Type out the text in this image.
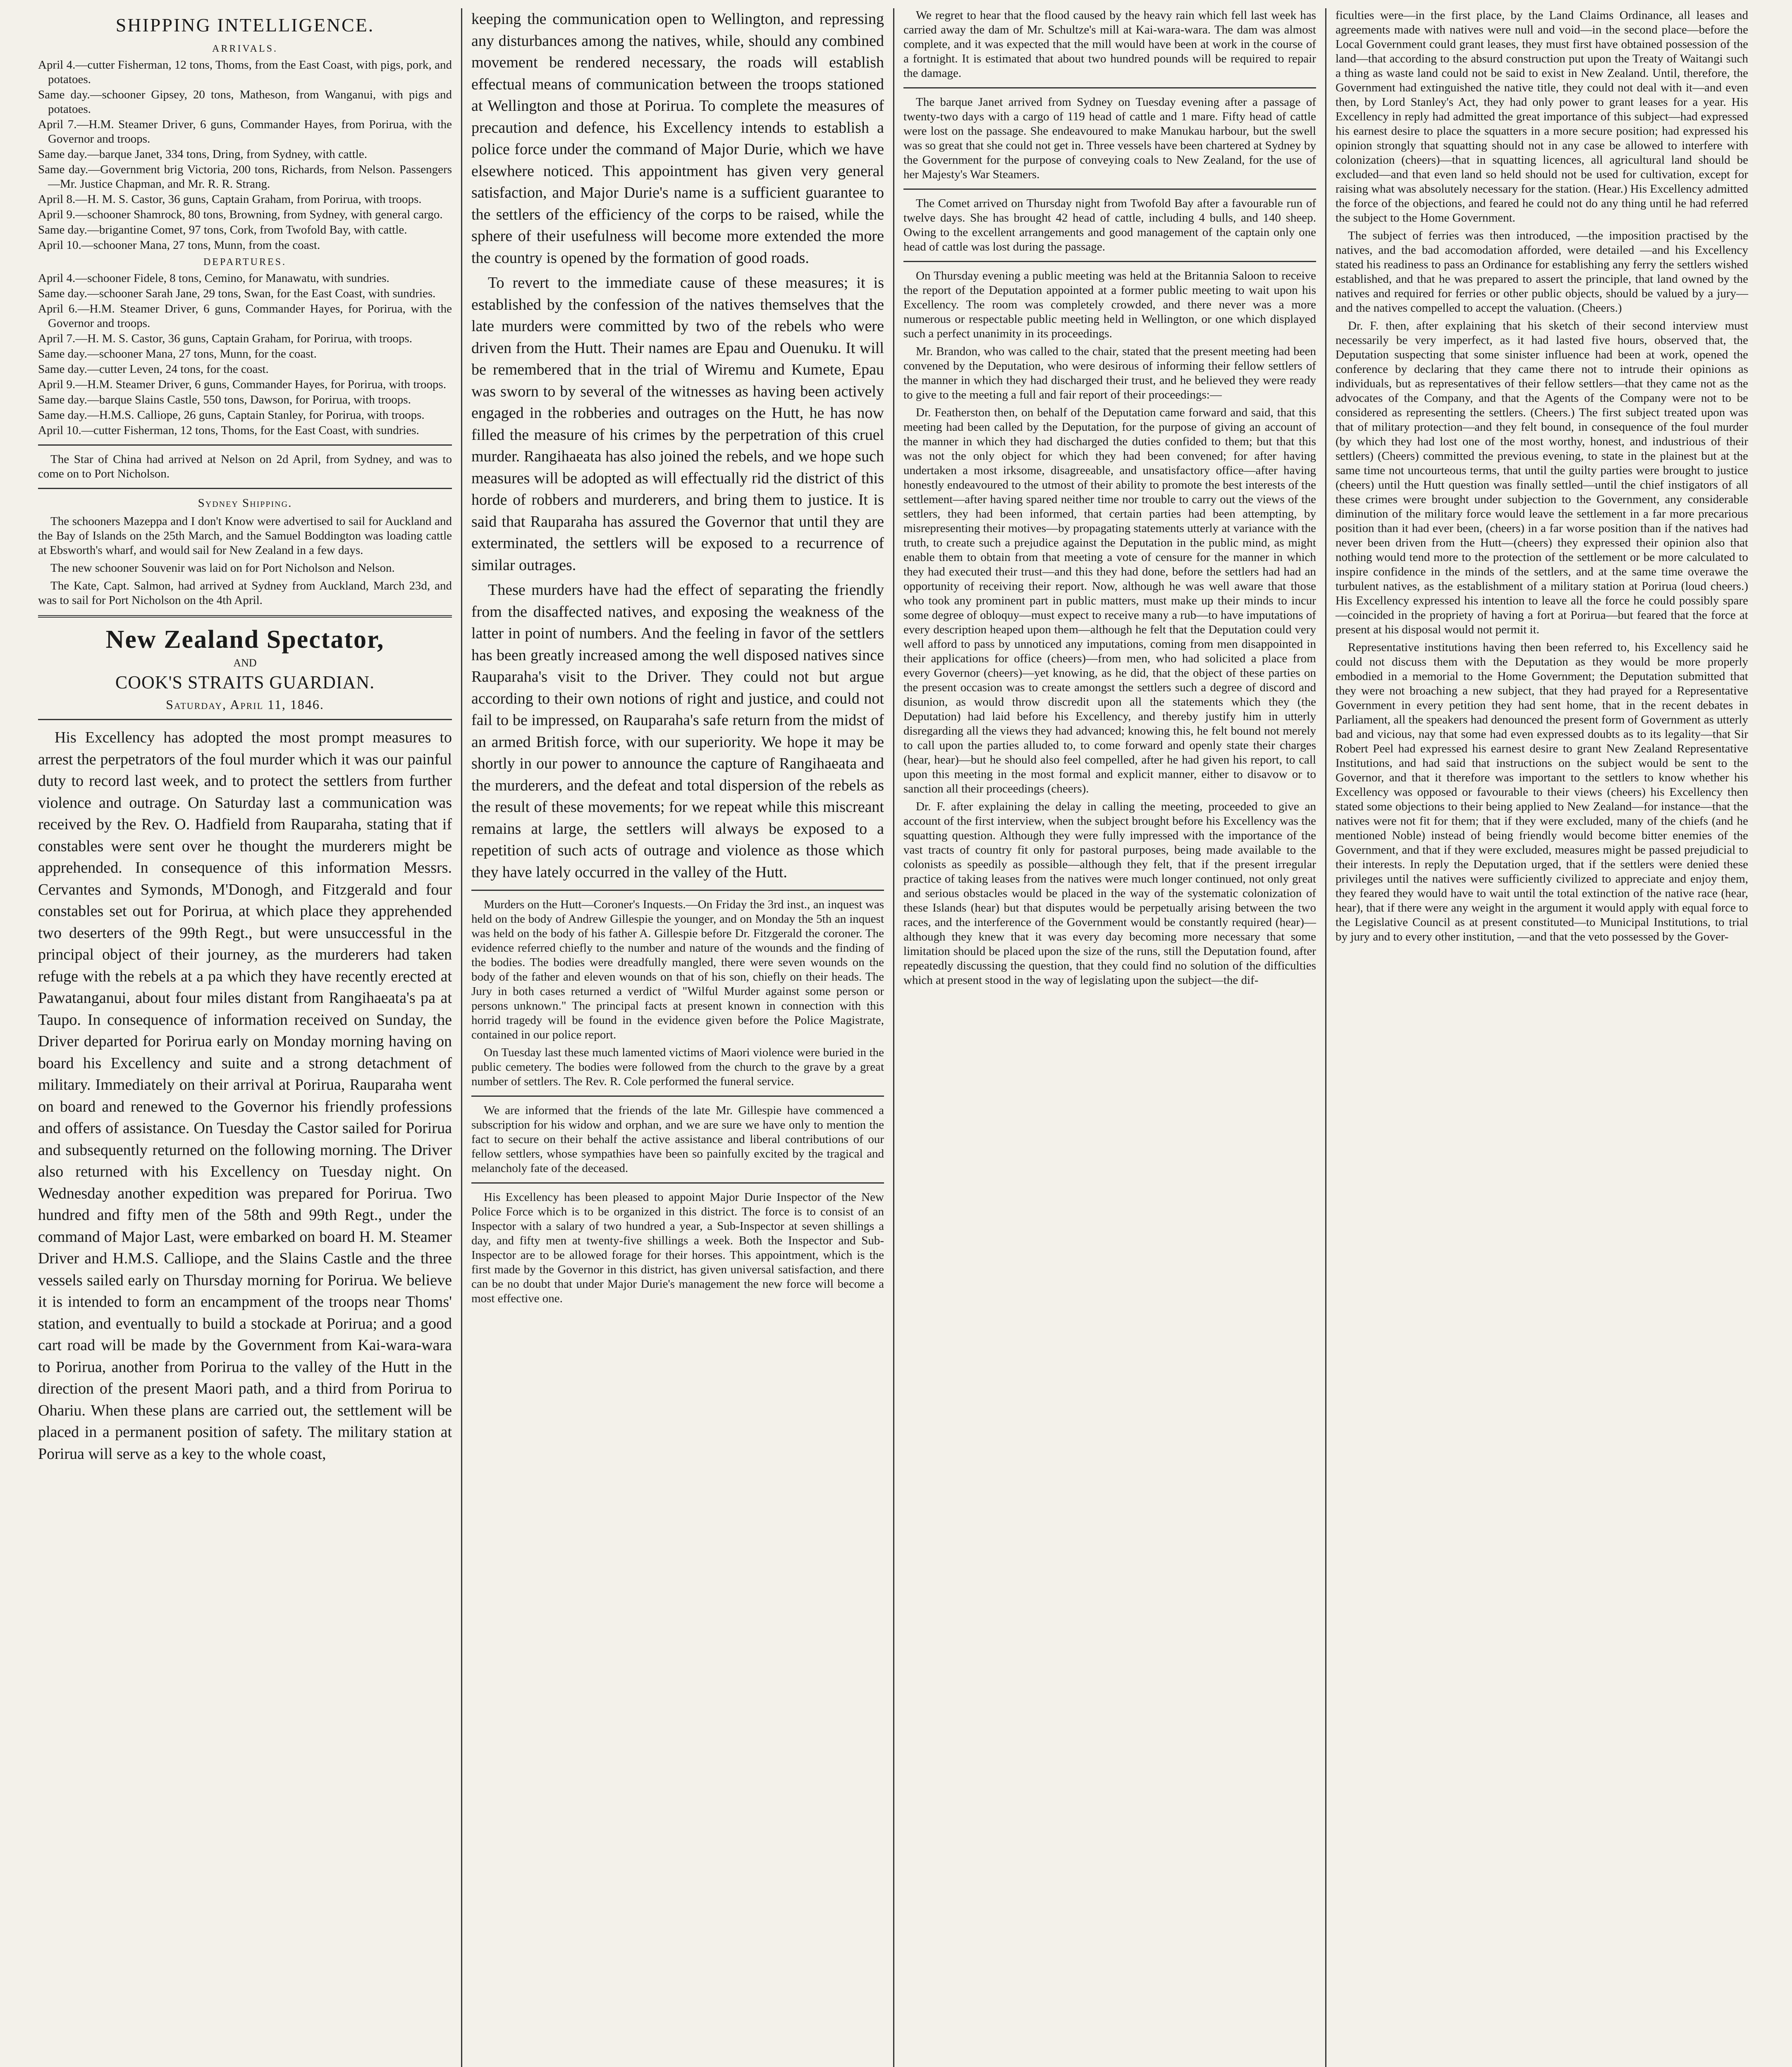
SHIPPING INTELLIGENCE.
ARRIVALS.

April 4.—cutter Fisherman, 12 tons, Thoms, from the East Coast, with pigs, pork, and potatoes.

Same day.—schooner Gipsey, 20 tons, Matheson, from Wanganui, with pigs and potatoes.

April 7.—H.M. Steamer Driver, 6 guns, Commander Hayes, from Porirua, with the Governor and troops.

Same day.—barque Janet, 334 tons, Dring, from Sydney, with cattle.

Same day.—Government brig Victoria, 200 tons, Richards, from Nelson. Passengers—Mr. Justice Chapman, and Mr. R. R. Strang.

April 8.—H. M. S. Castor, 36 guns, Captain Graham, from Porirua, with troops.

April 9.—schooner Shamrock, 80 tons, Browning, from Sydney, with general cargo.

Same day.—brigantine Comet, 97 tons, Cork, from Twofold Bay, with cattle.

April 10.—schooner Mana, 27 tons, Munn, from the coast.

DEPARTURES.

April 4.—schooner Fidele, 8 tons, Cemino, for Manawatu, with sundries.

Same day.—schooner Sarah Jane, 29 tons, Swan, for the East Coast, with sundries.

April 6.—H.M. Steamer Driver, 6 guns, Commander Hayes, for Porirua, with the Governor and troops.

April 7.—H. M. S. Castor, 36 guns, Captain Graham, for Porirua, with troops.

Same day.—schooner Mana, 27 tons, Munn, for the coast.

Same day.—cutter Leven, 24 tons, for the coast.

April 9.—H.M. Steamer Driver, 6 guns, Commander Hayes, for Porirua, with troops.

Same day.—barque Slains Castle, 550 tons, Dawson, for Porirua, with troops.

Same day.—H.M.S. Calliope, 26 guns, Captain Stanley, for Porirua, with troops.

April 10.—cutter Fisherman, 12 tons, Thoms, for the East Coast, with sundries.

The Star of China had arrived at Nelson on 2d April, from Sydney, and was to come on to Port Nicholson.

Sydney Shipping.

The schooners Mazeppa and I don't Know were advertised to sail for Auckland and the Bay of Islands on the 25th March, and the Samuel Boddington was loading cattle at Ebsworth's wharf, and would sail for New Zealand in a few days.

The new schooner Souvenir was laid on for Port Nicholson and Nelson.

The Kate, Capt. Salmon, had arrived at Sydney from Auckland, March 23d, and was to sail for Port Nicholson on the 4th April.

New Zealand Spectator,
AND
COOK'S STRAITS GUARDIAN.
Saturday, April 11, 1846.

His Excellency has adopted the most prompt measures to arrest the perpetrators of the foul murder which it was our painful duty to record last week, and to protect the settlers from further violence and outrage. On Saturday last a communication was received by the Rev. O. Hadfield from Rauparaha, stating that if constables were sent over he thought the murderers might be apprehended. In consequence of this information Messrs. Cervantes and Symonds, M'Donogh, and Fitzgerald and four constables set out for Porirua, at which place they apprehended two deserters of the 99th Regt., but were unsuccessful in the principal object of their journey, as the murderers had taken refuge with the rebels at a pa which they have recently erected at Pawatanganui, about four miles distant from Rangihaeata's pa at Taupo. In consequence of information received on Sunday, the Driver departed for Porirua early on Monday morning having on board his Excellency and suite and a strong detachment of military. Immediately on their arrival at Porirua, Rauparaha went on board and renewed to the Governor his friendly professions and offers of assistance. On Tuesday the Castor sailed for Porirua and subsequently returned on the following morning. The Driver also returned with his Excellency on Tuesday night. On Wednesday another expedition was prepared for Porirua. Two hundred and fifty men of the 58th and 99th Regt., under the command of Major Last, were embarked on board H. M. Steamer Driver and H.M.S. Calliope, and the Slains Castle and the three vessels sailed early on Thursday morning for Porirua. We believe it is intended to form an encampment of the troops near Thoms' station, and eventually to build a stockade at Porirua; and a good cart road will be made by the Government from Kai-wara-wara to Porirua, another from Porirua to the valley of the Hutt in the direction of the present Maori path, and a third from Porirua to Ohariu. When these plans are carried out, the settlement will be placed in a permanent position of safety. The military station at Porirua will serve as a key to the whole coast,

keeping the communication open to Wellington, and repressing any disturbances among the natives, while, should any combined movement be rendered necessary, the roads will establish effectual means of communication between the troops stationed at Wellington and those at Porirua. To complete the measures of precaution and defence, his Excellency intends to establish a police force under the command of Major Durie, which we have elsewhere noticed. This appointment has given very general satisfaction, and Major Durie's name is a sufficient guarantee to the settlers of the efficiency of the corps to be raised, while the sphere of their usefulness will become more extended the more the country is opened by the formation of good roads.

To revert to the immediate cause of these measures; it is established by the confession of the natives themselves that the late murders were committed by two of the rebels who were driven from the Hutt. Their names are Epau and Ouenuku. It will be remembered that in the trial of Wiremu and Kumete, Epau was sworn to by several of the witnesses as having been actively engaged in the robberies and outrages on the Hutt, he has now filled the measure of his crimes by the perpetration of this cruel murder. Rangihaeata has also joined the rebels, and we hope such measures will be adopted as will effectually rid the district of this horde of robbers and murderers, and bring them to justice. It is said that Rauparaha has assured the Governor that until they are exterminated, the settlers will be exposed to a recurrence of similar outrages.

These murders have had the effect of separating the friendly from the disaffected natives, and exposing the weakness of the latter in point of numbers. And the feeling in favor of the settlers has been greatly increased among the well disposed natives since Rauparaha's visit to the Driver. They could not but argue according to their own notions of right and justice, and could not fail to be impressed, on Rauparaha's safe return from the midst of an armed British force, with our superiority. We hope it may be shortly in our power to announce the capture of Rangihaeata and the murderers, and the defeat and total dispersion of the rebels as the result of these movements; for we repeat while this miscreant remains at large, the settlers will always be exposed to a repetition of such acts of outrage and violence as those which they have lately occurred in the valley of the Hutt.

Murders on the Hutt—Coroner's Inquests.—On Friday the 3rd inst., an inquest was held on the body of Andrew Gillespie the younger, and on Monday the 5th an inquest was held on the body of his father A. Gillespie before Dr. Fitzgerald the coroner. The evidence referred chiefly to the number and nature of the wounds and the finding of the bodies. The bodies were dreadfully mangled, there were seven wounds on the body of the father and eleven wounds on that of his son, chiefly on their heads. The Jury in both cases returned a verdict of "Wilful Murder against some person or persons unknown." The principal facts at present known in connection with this horrid tragedy will be found in the evidence given before the Police Magistrate, contained in our police report.

On Tuesday last these much lamented victims of Maori violence were buried in the public cemetery. The bodies were followed from the church to the grave by a great number of settlers. The Rev. R. Cole performed the funeral service.

We are informed that the friends of the late Mr. Gillespie have commenced a subscription for his widow and orphan, and we are sure we have only to mention the fact to secure on their behalf the active assistance and liberal contributions of our fellow settlers, whose sympathies have been so painfully excited by the tragical and melancholy fate of the deceased.

His Excellency has been pleased to appoint Major Durie Inspector of the New Police Force which is to be organized in this district. The force is to consist of an Inspector with a salary of two hundred a year, a Sub-Inspector at seven shillings a day, and fifty men at twenty-five shillings a week. Both the Inspector and Sub-Inspector are to be allowed forage for their horses. This appointment, which is the first made by the Governor in this district, has given universal satisfaction, and there can be no doubt that under Major Durie's management the new force will become a most effective one.

We regret to hear that the flood caused by the heavy rain which fell last week has carried away the dam of Mr. Schultze's mill at Kai-wara-wara. The dam was almost complete, and it was expected that the mill would have been at work in the course of a fortnight. It is estimated that about two hundred pounds will be required to repair the damage.

The barque Janet arrived from Sydney on Tuesday evening after a passage of twenty-two days with a cargo of 119 head of cattle and 1 mare. Fifty head of cattle were lost on the passage. She endeavoured to make Manukau harbour, but the swell was so great that she could not get in. Three vessels have been chartered at Sydney by the Government for the purpose of conveying coals to New Zealand, for the use of her Majesty's War Steamers.

The Comet arrived on Thursday night from Twofold Bay after a favourable run of twelve days. She has brought 42 head of cattle, including 4 bulls, and 140 sheep. Owing to the excellent arrangements and good management of the captain only one head of cattle was lost during the passage.

On Thursday evening a public meeting was held at the Britannia Saloon to receive the report of the Deputation appointed at a former public meeting to wait upon his Excellency. The room was completely crowded, and there never was a more numerous or respectable public meeting held in Wellington, or one which displayed such a perfect unanimity in its proceedings.

Mr. Brandon, who was called to the chair, stated that the present meeting had been convened by the Deputation, who were desirous of informing their fellow settlers of the manner in which they had discharged their trust, and he believed they were ready to give to the meeting a full and fair report of their proceedings:—

Dr. Featherston then, on behalf of the Deputation came forward and said, that this meeting had been called by the Deputation, for the purpose of giving an account of the manner in which they had discharged the duties confided to them; but that this was not the only object for which they had been convened; for after having undertaken a most irksome, disagreeable, and unsatisfactory office—after having honestly endeavoured to the utmost of their ability to promote the best interests of the settlement—after having spared neither time nor trouble to carry out the views of the settlers, they had been informed, that certain parties had been attempting, by misrepresenting their motives—by propagating statements utterly at variance with the truth, to create such a prejudice against the Deputation in the public mind, as might enable them to obtain from that meeting a vote of censure for the manner in which they had executed their trust—and this they had done, before the settlers had had an opportunity of receiving their report. Now, although he was well aware that those who took any prominent part in public matters, must make up their minds to incur some degree of obloquy—must expect to receive many a rub—to have imputations of every description heaped upon them—although he felt that the Deputation could very well afford to pass by unnoticed any imputations, coming from men disappointed in their applications for office (cheers)—from men, who had solicited a place from every Governor (cheers)—yet knowing, as he did, that the object of these parties on the present occasion was to create amongst the settlers such a degree of discord and disunion, as would throw discredit upon all the statements which they (the Deputation) had laid before his Excellency, and thereby justify him in utterly disregarding all the views they had advanced; knowing this, he felt bound not merely to call upon the parties alluded to, to come forward and openly state their charges (hear, hear)—but he should also feel compelled, after he had given his report, to call upon this meeting in the most formal and explicit manner, either to disavow or to sanction all their proceedings (cheers).

Dr. F. after explaining the delay in calling the meeting, proceeded to give an account of the first interview, when the subject brought before his Excellency was the squatting question. Although they were fully impressed with the importance of the vast tracts of country fit only for pastoral purposes, being made available to the colonists as speedily as possible—although they felt, that if the present irregular practice of taking leases from the natives were much longer continued, not only great and serious obstacles would be placed in the way of the systematic colonization of these Islands (hear) but that disputes would be perpetually arising between the two races, and the interference of the Government would be constantly required (hear)—although they knew that it was every day becoming more necessary that some limitation should be placed upon the size of the runs, still the Deputation found, after repeatedly discussing the question, that they could find no solution of the difficulties which at present stood in the way of legislating upon the subject—the dif-

ficulties were—in the first place, by the Land Claims Ordinance, all leases and agreements made with natives were null and void—in the second place—before the Local Government could grant leases, they must first have obtained possession of the land—that according to the absurd construction put upon the Treaty of Waitangi such a thing as waste land could not be said to exist in New Zealand. Until, therefore, the Government had extinguished the native title, they could not deal with it—and even then, by Lord Stanley's Act, they had only power to grant leases for a year. His Excellency in reply had admitted the great importance of this subject—had expressed his earnest desire to place the squatters in a more secure position; had expressed his opinion strongly that squatting should not in any case be allowed to interfere with colonization (cheers)—that in squatting licences, all agricultural land should be excluded—and that even land so held should not be used for cultivation, except for raising what was absolutely necessary for the station. (Hear.) His Excellency admitted the force of the objections, and feared he could not do any thing until he had referred the subject to the Home Government.

The subject of ferries was then introduced, —the imposition practised by the natives, and the bad accomodation afforded, were detailed —and his Excellency stated his readiness to pass an Ordinance for establishing any ferry the settlers wished established, and that he was prepared to assert the principle, that land owned by the natives and required for ferries or other public objects, should be valued by a jury—and the natives compelled to accept the valuation. (Cheers.)

Dr. F. then, after explaining that his sketch of their second interview must necessarily be very imperfect, as it had lasted five hours, observed that, the Deputation suspecting that some sinister influence had been at work, opened the conference by declaring that they came there not to intrude their opinions as individuals, but as representatives of their fellow settlers—that they came not as the advocates of the Company, and that the Agents of the Company were not to be considered as representing the settlers. (Cheers.) The first subject treated upon was that of military protection—and they felt bound, in consequence of the foul murder (by which they had lost one of the most worthy, honest, and industrious of their settlers) (Cheers) committed the previous evening, to state in the plainest but at the same time not uncourteous terms, that until the guilty parties were brought to justice (cheers) until the Hutt question was finally settled—until the chief instigators of all these crimes were brought under subjection to the Government, any considerable diminution of the military force would leave the settlement in a far more precarious position than it had ever been, (cheers) in a far worse position than if the natives had never been driven from the Hutt—(cheers) they expressed their opinion also that nothing would tend more to the protection of the settlement or be more calculated to inspire confidence in the minds of the settlers, and at the same time overawe the turbulent natives, as the establishment of a military station at Porirua (loud cheers.) His Excellency expressed his intention to leave all the force he could possibly spare—coincided in the propriety of having a fort at Porirua—but feared that the force at present at his disposal would not permit it.

Representative institutions having then been referred to, his Excellency said he could not discuss them with the Deputation as they would be more properly embodied in a memorial to the Home Government; the Deputation submitted that they were not broaching a new subject, that they had prayed for a Representative Government in every petition they had sent home, that in the recent debates in Parliament, all the speakers had denounced the present form of Government as utterly bad and vicious, nay that some had even expressed doubts as to its legality—that Sir Robert Peel had expressed his earnest desire to grant New Zealand Representative Institutions, and had said that instructions on the subject would be sent to the Governor, and that it therefore was important to the settlers to know whether his Excellency was opposed or favourable to their views (cheers) his Excellency then stated some objections to their being applied to New Zealand—for instance—that the natives were not fit for them; that if they were excluded, many of the chiefs (and he mentioned Noble) instead of being friendly would become bitter enemies of the Government, and that if they were excluded, measures might be passed prejudicial to their interests. In reply the Deputation urged, that if the settlers were denied these privileges until the natives were sufficiently civilized to appreciate and enjoy them, they feared they would have to wait until the total extinction of the native race (hear, hear), that if there were any weight in the argument it would apply with equal force to the Legislative Council as at present constituted—to Municipal Institutions, to trial by jury and to every other institution, —and that the veto possessed by the Gover-
